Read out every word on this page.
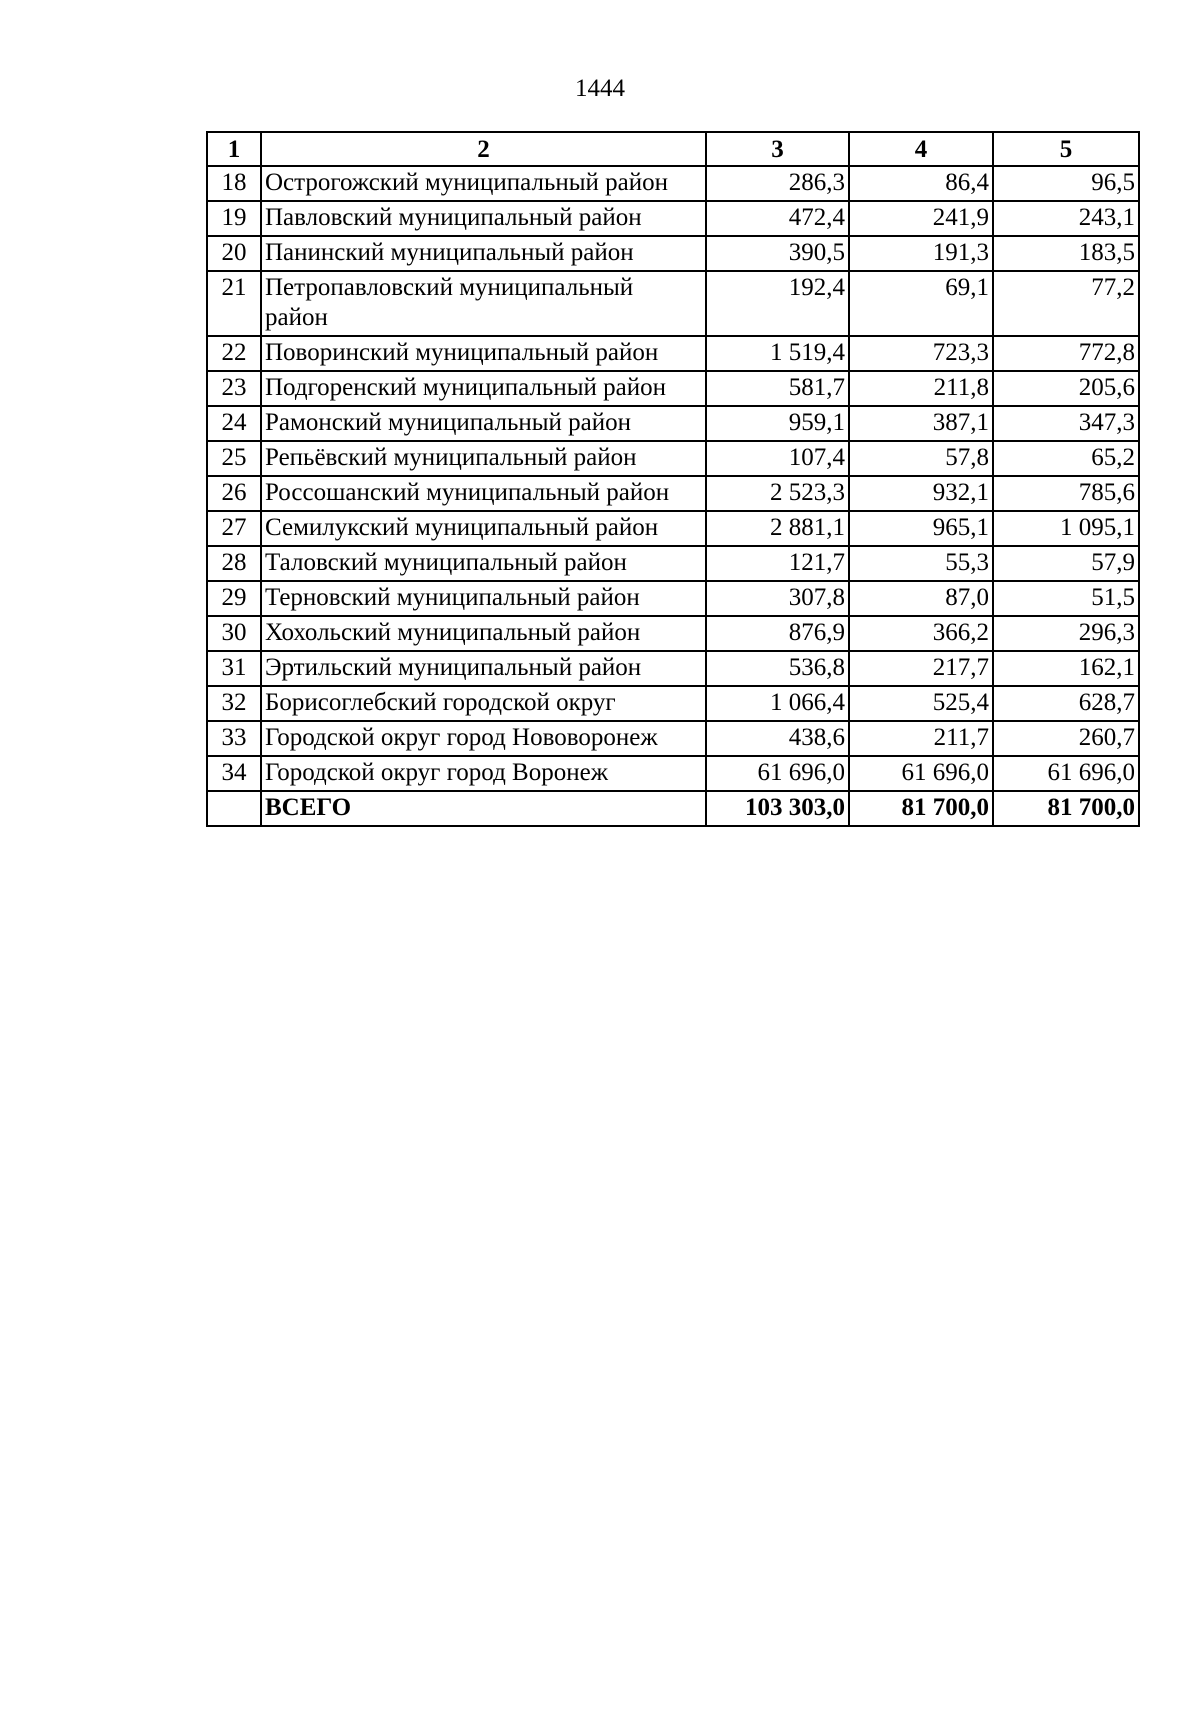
1444
1	2	3	4	5
18	Острогожский муниципальный район	286,3	86,4	96,5
19	Павловский муниципальный район	472,4	241,9	243,1
20	Панинский муниципальный район	390,5	191,3	183,5
21	Петропавловский муниципальный район	192,4	69,1	77,2
22	Поворинский муниципальный район	1 519,4	723,3	772,8
23	Подгоренский муниципальный район	581,7	211,8	205,6
24	Рамонский муниципальный район	959,1	387,1	347,3
25	Репьёвский муниципальный район	107,4	57,8	65,2
26	Россошанский муниципальный район	2 523,3	932,1	785,6
27	Семилукский муниципальный район	2 881,1	965,1	1 095,1
28	Таловский муниципальный район	121,7	55,3	57,9
29	Терновский муниципальный район	307,8	87,0	51,5
30	Хохольский муниципальный район	876,9	366,2	296,3
31	Эртильский муниципальный район	536,8	217,7	162,1
32	Борисоглебский городской округ	1 066,4	525,4	628,7
33	Городской округ город Нововоронеж	438,6	211,7	260,7
34	Городской округ город Воронеж	61 696,0	61 696,0	61 696,0
	ВСЕГО	103 303,0	81 700,0	81 700,0
